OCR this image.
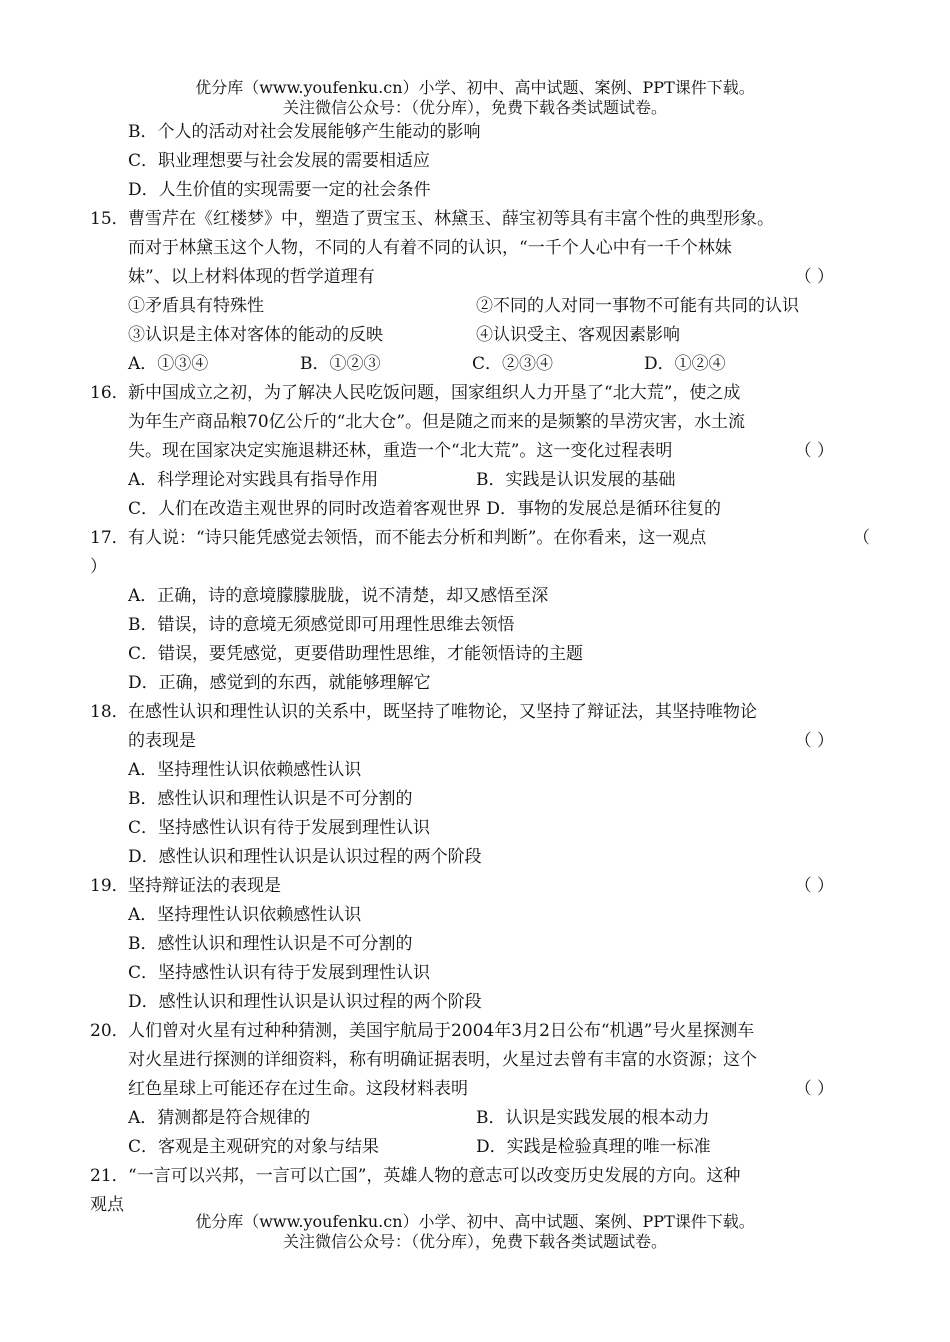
优分库（www.youfenku.cn）小学、初中、高中试题、案例、PPT课件下载。
关注微信公众号：（优分库），免费下载各类试题试卷。
B．个人的活动对社会发展能够产生能动的影响
C．职业理想要与社会发展的需要相适应
D．人生价值的实现需要一定的社会条件
15．曹雪芹在《红楼梦》中，塑造了贾宝玉、林黛玉、薛宝初等具有丰富个性的典型形象。
而对于林黛玉这个人物，不同的人有着不同的认识，“一千个人心中有一千个林妹
妹”、以上材料体现的哲学道理有	（ ）
①矛盾具有特殊性	②不同的人对同一事物不可能有共同的认识
③认识是主体对客体的能动的反映	④认识受主、客观因素影响
A．①③④	B．①②③	C．②③④	D．①②④
16．新中国成立之初，为了解决人民吃饭问题，国家组织人力开垦了“北大荒”，使之成
为年生产商品粮70亿公斤的“北大仓”。但是随之而来的是频繁的旱涝灾害，水土流
失。现在国家决定实施退耕还林，重造一个“北大荒”。这一变化过程表明	（ ）
A．科学理论对实践具有指导作用	B．实践是认识发展的基础
C．人们在改造主观世界的同时改造着客观世界 D．事物的发展总是循环往复的
17．有人说：“诗只能凭感觉去领悟，而不能去分析和判断”。在你看来，这一观点	（
）
A．正确，诗的意境朦朦胧胧，说不清楚，却又感悟至深
B．错误，诗的意境无须感觉即可用理性思维去领悟
C．错误，要凭感觉，更要借助理性思维，才能领悟诗的主题
D．正确，感觉到的东西，就能够理解它
18．在感性认识和理性认识的关系中，既坚持了唯物论，又坚持了辩证法，其坚持唯物论
的表现是	（ ）
A．坚持理性认识依赖感性认识
B．感性认识和理性认识是不可分割的
C．坚持感性认识有待于发展到理性认识
D．感性认识和理性认识是认识过程的两个阶段
19．坚持辩证法的表现是	（ ）
A．坚持理性认识依赖感性认识
B．感性认识和理性认识是不可分割的
C．坚持感性认识有待于发展到理性认识
D．感性认识和理性认识是认识过程的两个阶段
20．人们曾对火星有过种种猜测，美国宇航局于2004年3月2日公布“机遇”号火星探测车
对火星进行探测的详细资料，称有明确证据表明，火星过去曾有丰富的水资源；这个
红色星球上可能还存在过生命。这段材料表明	（ ）
A．猜测都是符合规律的	B．认识是实践发展的根本动力
C．客观是主观研究的对象与结果	D．实践是检验真理的唯一标准
21．“一言可以兴邦，一言可以亡国”，英雄人物的意志可以改变历史发展的方向。这种
观点
优分库（www.youfenku.cn）小学、初中、高中试题、案例、PPT课件下载。
关注微信公众号：（优分库），免费下载各类试题试卷。
